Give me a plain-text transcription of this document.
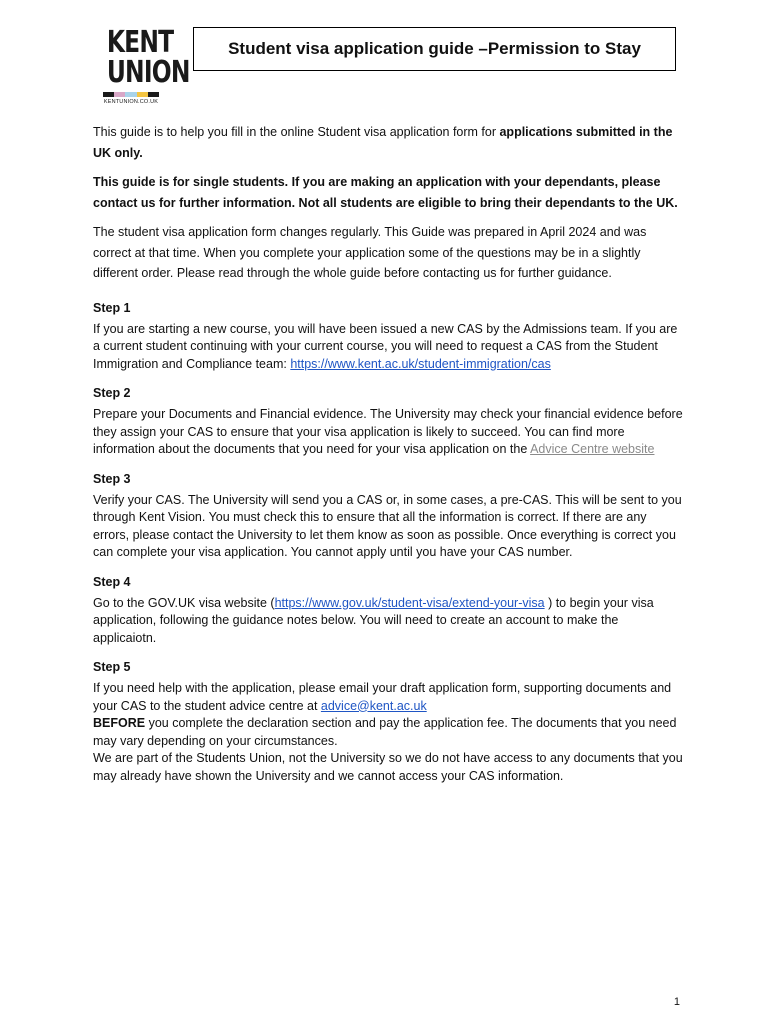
KENT
UNION
KENTUNION.CO.UK
Student visa application guide –Permission to Stay

This guide is to help you fill in the online Student visa application form for applications submitted in the UK only.

This guide is for single students. If you are making an application with your dependants, please contact us for further information. Not all students are eligible to bring their dependants to the UK.

The student visa application form changes regularly. This Guide was prepared in April 2024 and was correct at that time. When you complete your application some of the questions may be in a slightly different order. Please read through the whole guide before contacting us for further guidance.

Step 1

If you are starting a new course, you will have been issued a new CAS by the Admissions team. If you are a current student continuing with your current course, you will need to request a CAS from the Student Immigration and Compliance team: https://www.kent.ac.uk/student-immigration/cas

Step 2

Prepare your Documents and Financial evidence. The University may check your financial evidence before they assign your CAS to ensure that your visa application is likely to succeed. You can find more information about the documents that you need for your visa application on the Advice Centre website

Step 3

Verify your CAS. The University will send you a CAS or, in some cases, a pre-CAS. This will be sent to you through Kent Vision. You must check this to ensure that all the information is correct. If there are any errors, please contact the University to let them know as soon as possible. Once everything is correct you can complete your visa application. You cannot apply until you have your CAS number.

Step 4

Go to the GOV.UK visa website (https://www.gov.uk/student-visa/extend-your-visa ) to begin your visa application, following the guidance notes below. You will need to create an account to make the applicaiotn.

Step 5

If you need help with the application, please email your draft application form, supporting documents and your CAS to the student advice centre at advice@kent.ac.uk
BEFORE you complete the declaration section and pay the application fee. The documents that you need may vary depending on your circumstances.

We are part of the Students Union, not the University so we do not have access to any documents that you may already have shown the University and we cannot access your CAS information.

1
